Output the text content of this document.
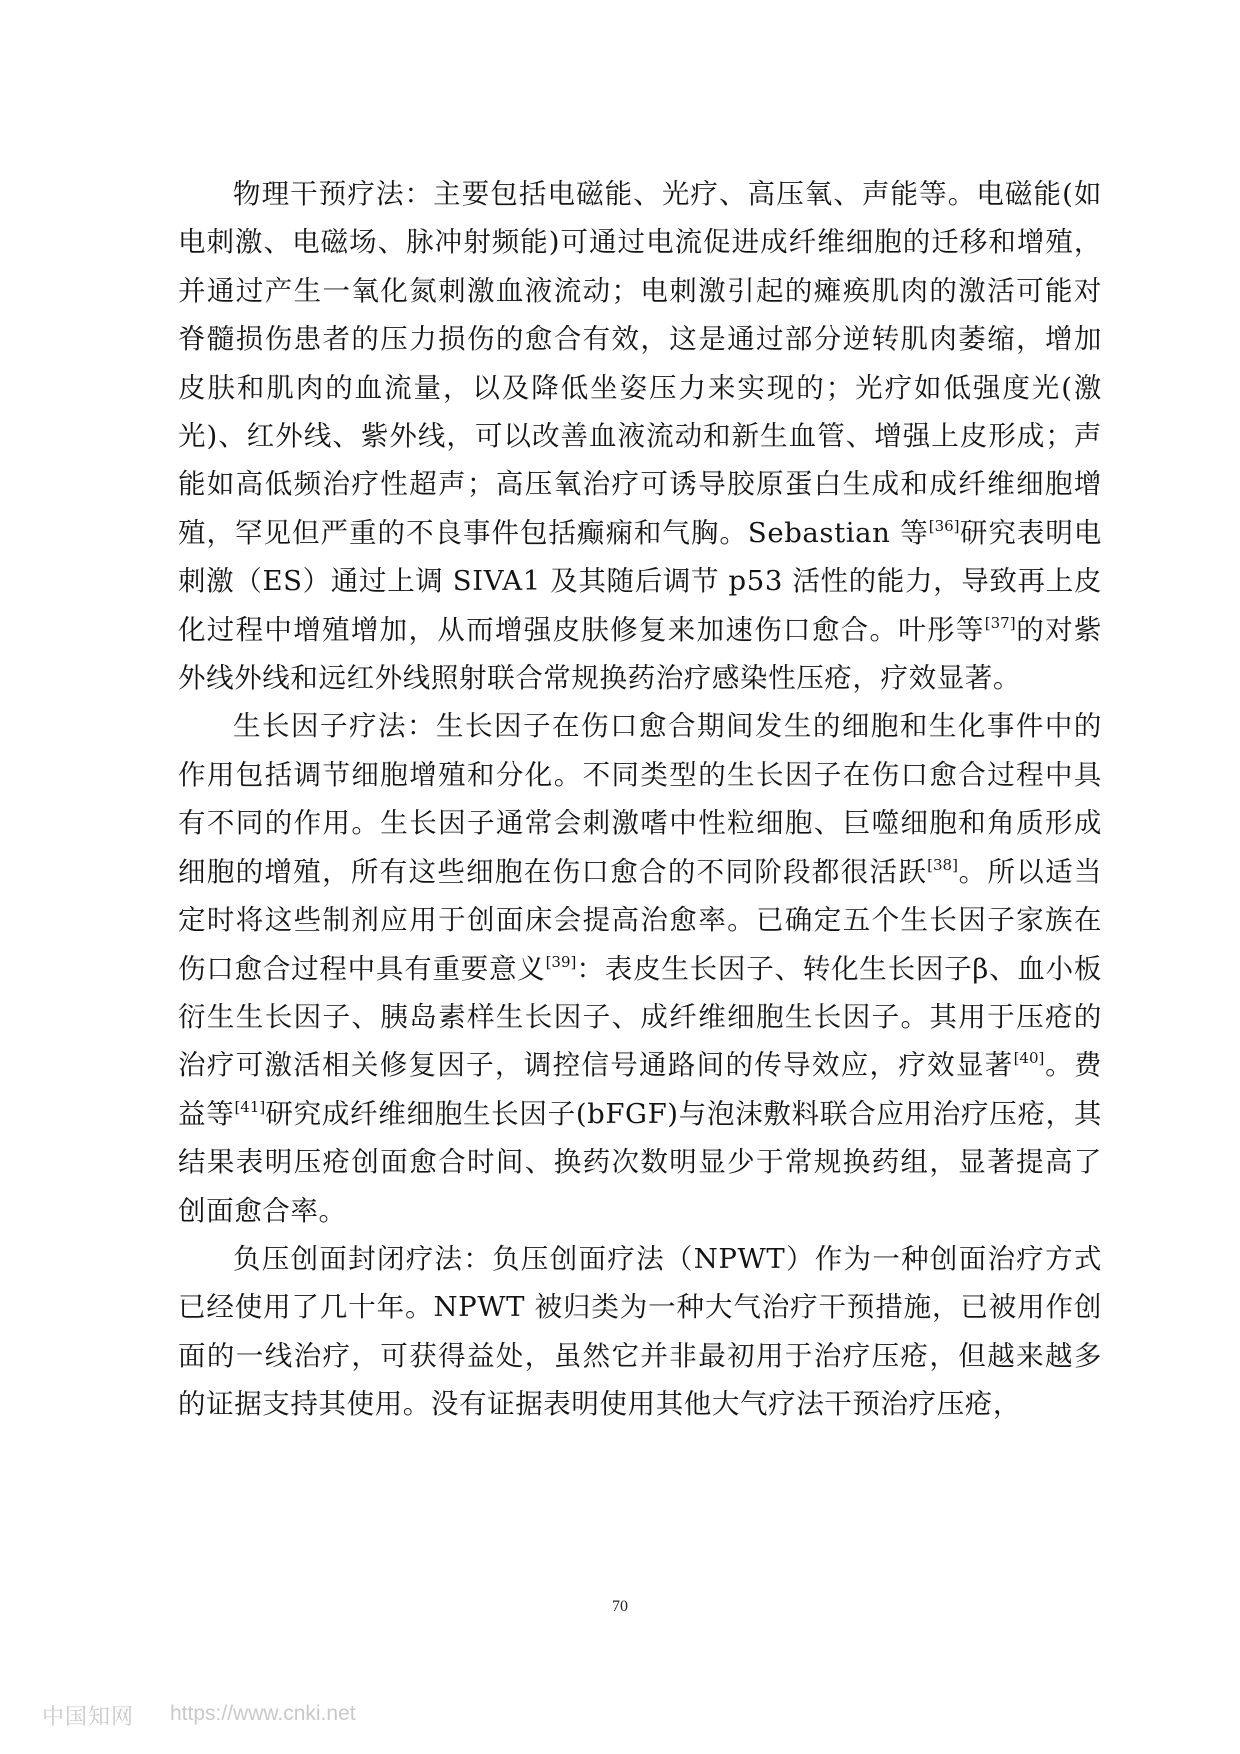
物理干预疗法：主要包括电磁能、光疗、高压氧、声能等。电磁能(如电刺激、电磁场、脉冲射频能)可通过电流促进成纤维细胞的迁移和增殖，并通过产生一氧化氮刺激血液流动；电刺激引起的瘫痪肌肉的激活可能对脊髓损伤患者的压力损伤的愈合有效，这是通过部分逆转肌肉萎缩，增加皮肤和肌肉的血流量，以及降低坐姿压力来实现的；光疗如低强度光(激光)、红外线、紫外线，可以改善血液流动和新生血管、增强上皮形成；声能如高低频治疗性超声；高压氧治疗可诱导胶原蛋白生成和成纤维细胞增殖，罕见但严重的不良事件包括癫痫和气胸。Sebastian 等[36]研究表明电刺激（ES）通过上调 SIVA1 及其随后调节 p53 活性的能力，导致再上皮化过程中增殖增加，从而增强皮肤修复来加速伤口愈合。叶彤等[37]的对紫外线外线和远红外线照射联合常规换药治疗感染性压疮，疗效显著。

生长因子疗法：生长因子在伤口愈合期间发生的细胞和生化事件中的作用包括调节细胞增殖和分化。不同类型的生长因子在伤口愈合过程中具有不同的作用。生长因子通常会刺激嗜中性粒细胞、巨噬细胞和角质形成细胞的增殖，所有这些细胞在伤口愈合的不同阶段都很活跃[38]。所以适当定时将这些制剂应用于创面床会提高治愈率。已确定五个生长因子家族在伤口愈合过程中具有重要意义[39]：表皮生长因子、转化生长因子β、血小板衍生生长因子、胰岛素样生长因子、成纤维细胞生长因子。其用于压疮的治疗可激活相关修复因子，调控信号通路间的传导效应，疗效显著[40]。费益等[41]研究成纤维细胞生长因子(bFGF)与泡沫敷料联合应用治疗压疮，其结果表明压疮创面愈合时间、换药次数明显少于常规换药组，显著提高了创面愈合率。

负压创面封闭疗法：负压创面疗法（NPWT）作为一种创面治疗方式已经使用了几十年。NPWT 被归类为一种大气治疗干预措施，已被用作创面的一线治疗，可获得益处，虽然它并非最初用于治疗压疮，但越来越多的证据支持其使用。没有证据表明使用其他大气疗法干预治疗压疮，

70
中国知网 https://www.cnki.net
